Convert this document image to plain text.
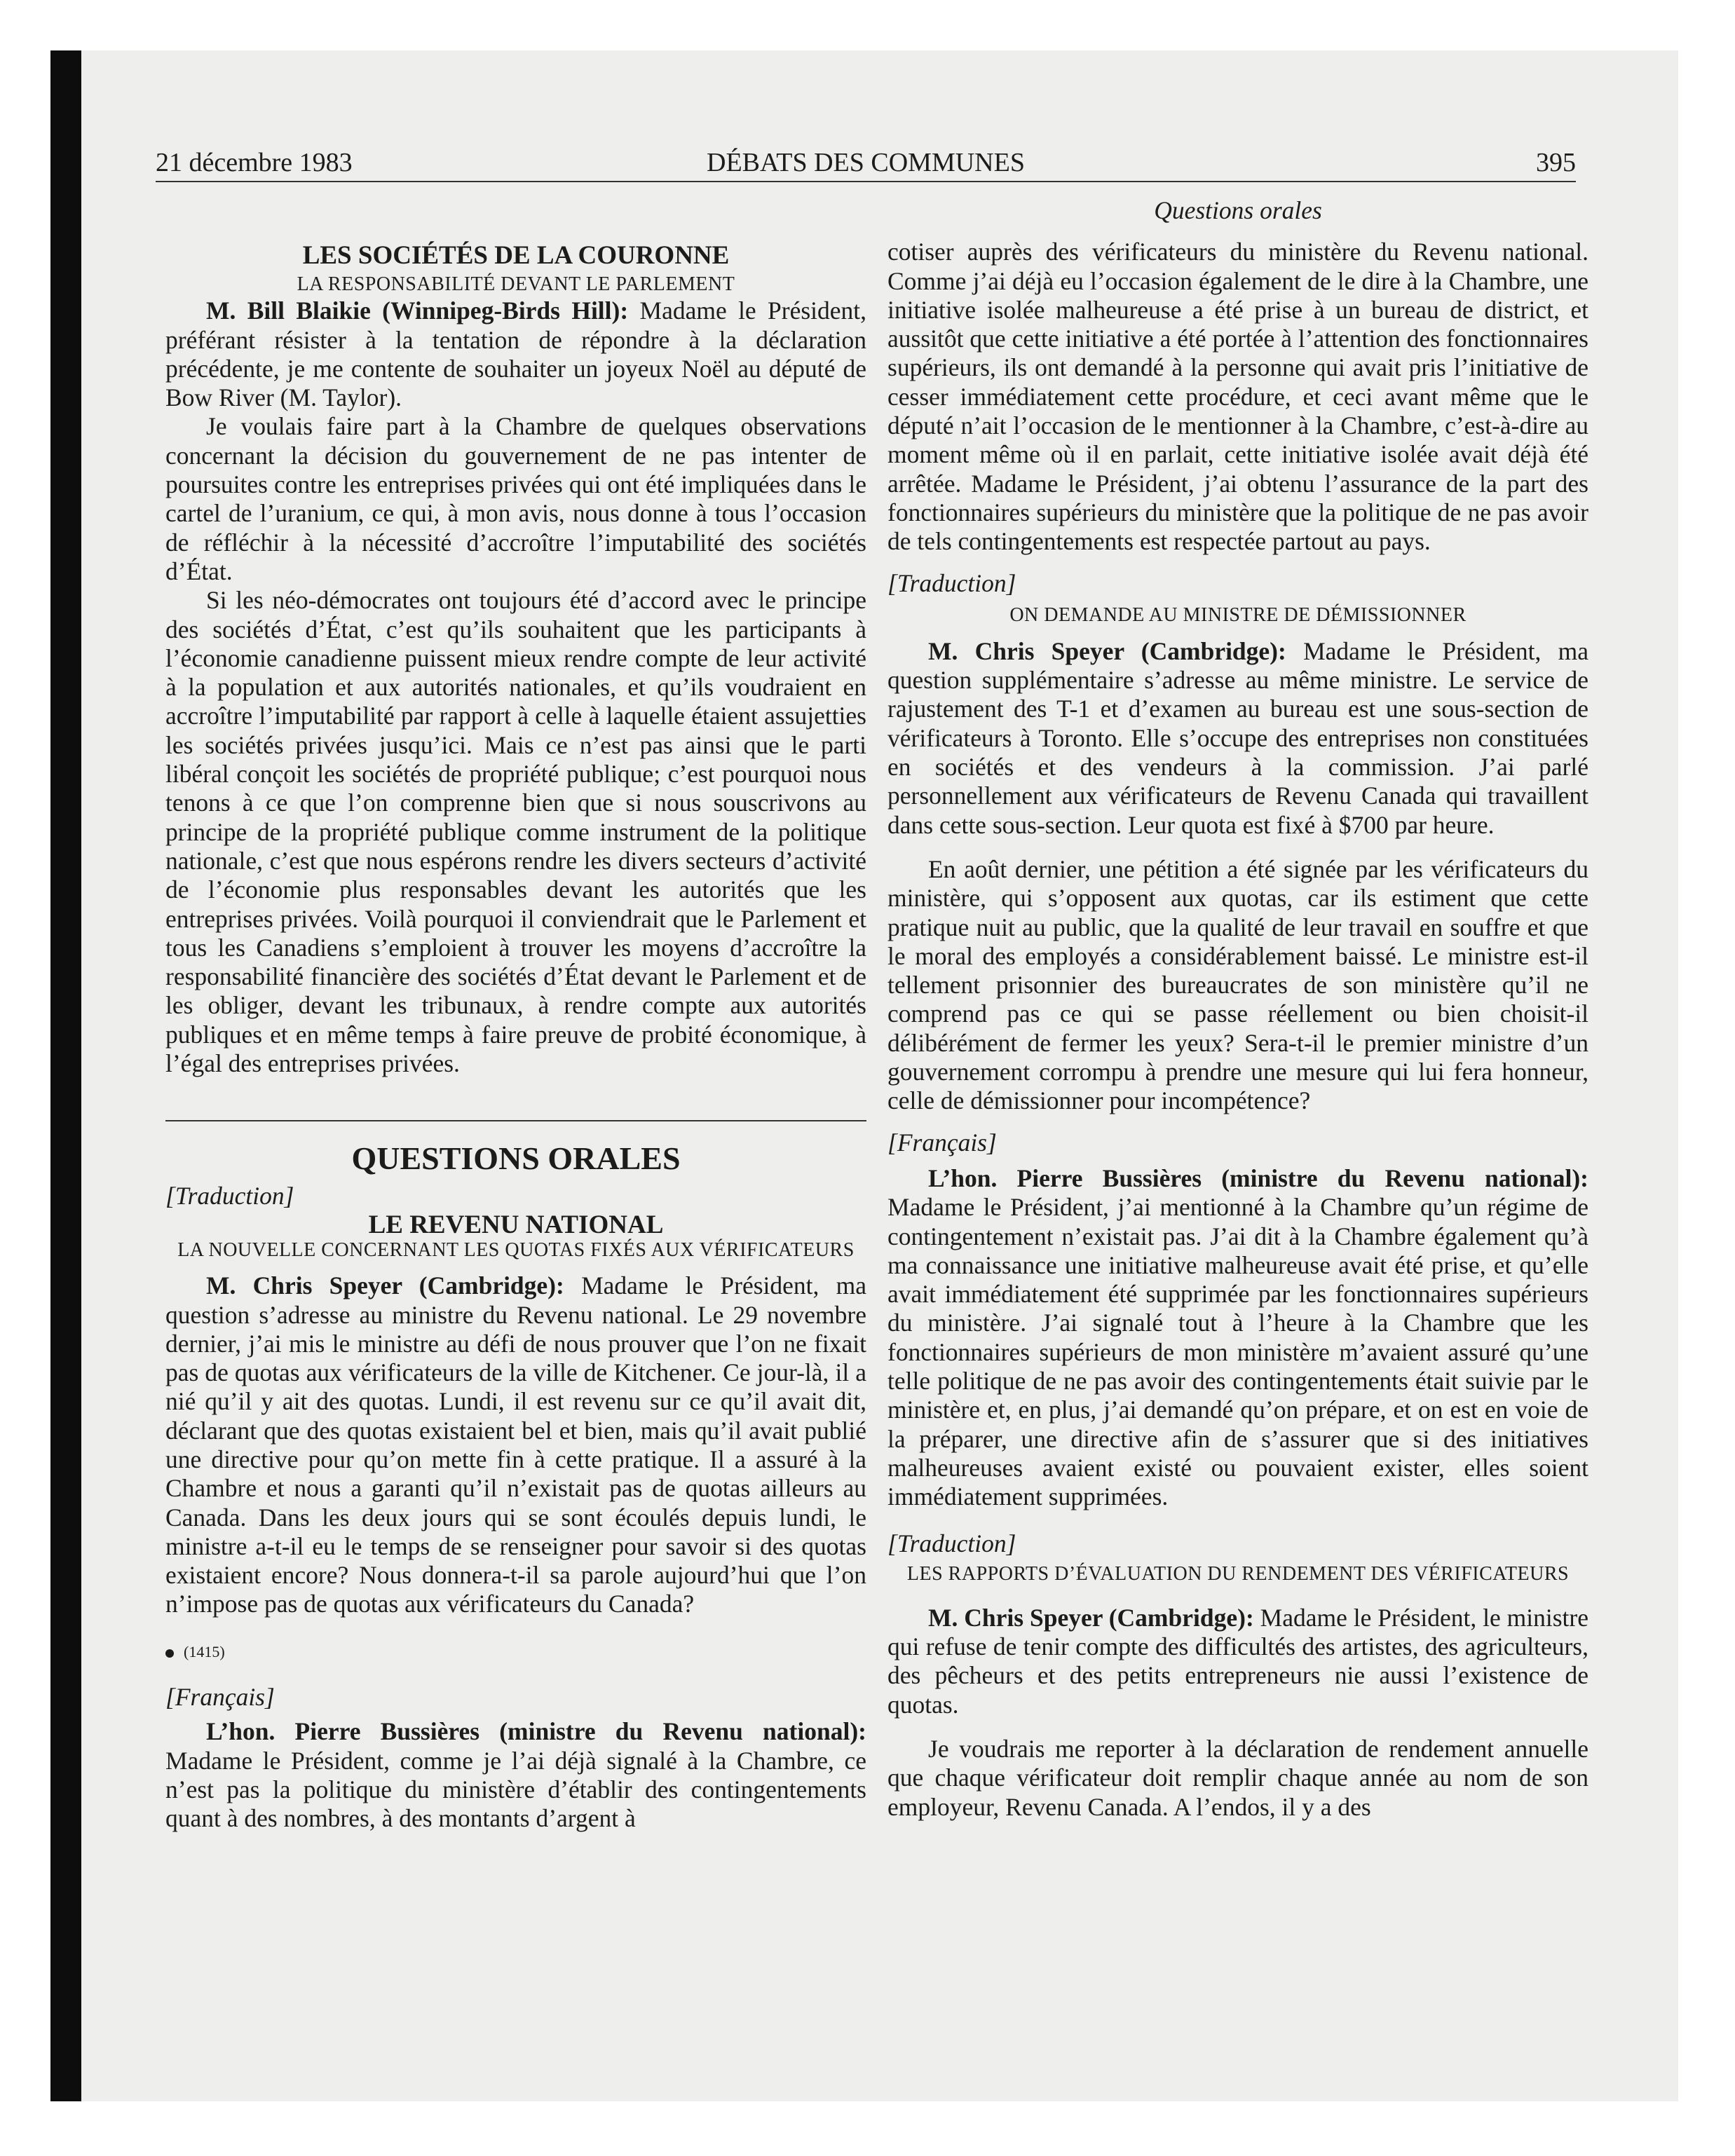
21 décembre 1983	DÉBATS DES COMMUNES	395

LES SOCIÉTÉS DE LA COURONNE

LA RESPONSABILITÉ DEVANT LE PARLEMENT

M. Bill Blaikie (Winnipeg-Birds Hill): Madame le Président, préférant résister à la tentation de répondre à la déclaration précédente, je me contente de souhaiter un joyeux Noël au député de Bow River (M. Taylor).

Je voulais faire part à la Chambre de quelques observations concernant la décision du gouvernement de ne pas intenter de poursuites contre les entreprises privées qui ont été impliquées dans le cartel de l’uranium, ce qui, à mon avis, nous donne à tous l’occasion de réfléchir à la nécessité d’accroître l’imputabilité des sociétés d’État.

Si les néo-démocrates ont toujours été d’accord avec le principe des sociétés d’État, c’est qu’ils souhaitent que les participants à l’économie canadienne puissent mieux rendre compte de leur activité à la population et aux autorités nationales, et qu’ils voudraient en accroître l’imputabilité par rapport à celle à laquelle étaient assujetties les sociétés privées jusqu’ici. Mais ce n’est pas ainsi que le parti libéral conçoit les sociétés de propriété publique; c’est pourquoi nous tenons à ce que l’on comprenne bien que si nous souscrivons au principe de la propriété publique comme instrument de la politique nationale, c’est que nous espérons rendre les divers secteurs d’activité de l’économie plus responsables devant les autorités que les entreprises privées. Voilà pourquoi il conviendrait que le Parlement et tous les Canadiens s’emploient à trouver les moyens d’accroître la responsabilité financière des sociétés d’État devant le Parlement et de les obliger, devant les tribunaux, à rendre compte aux autorités publiques et en même temps à faire preuve de probité économique, à l’égal des entreprises privées.

QUESTIONS ORALES

[Traduction]

LE REVENU NATIONAL

LA NOUVELLE CONCERNANT LES QUOTAS FIXÉS AUX VÉRIFICATEURS

M. Chris Speyer (Cambridge): Madame le Président, ma question s’adresse au ministre du Revenu national. Le 29 novembre dernier, j’ai mis le ministre au défi de nous prouver que l’on ne fixait pas de quotas aux vérificateurs de la ville de Kitchener. Ce jour-là, il a nié qu’il y ait des quotas. Lundi, il est revenu sur ce qu’il avait dit, déclarant que des quotas existaient bel et bien, mais qu’il avait publié une directive pour qu’on mette fin à cette pratique. Il a assuré à la Chambre et nous a garanti qu’il n’existait pas de quotas ailleurs au Canada. Dans les deux jours qui se sont écoulés depuis lundi, le ministre a-t-il eu le temps de se renseigner pour savoir si des quotas existaient encore? Nous donnera-t-il sa parole aujourd’hui que l’on n’impose pas de quotas aux vérificateurs du Canada?

(1415)

[Français]

L’hon. Pierre Bussières (ministre du Revenu national): Madame le Président, comme je l’ai déjà signalé à la Chambre, ce n’est pas la politique du ministère d’établir des contingentements quant à des nombres, à des montants d’argent à

Questions orales

cotiser auprès des vérificateurs du ministère du Revenu national. Comme j’ai déjà eu l’occasion également de le dire à la Chambre, une initiative isolée malheureuse a été prise à un bureau de district, et aussitôt que cette initiative a été portée à l’attention des fonctionnaires supérieurs, ils ont demandé à la personne qui avait pris l’initiative de cesser immédiatement cette procédure, et ceci avant même que le député n’ait l’occasion de le mentionner à la Chambre, c’est-à-dire au moment même où il en parlait, cette initiative isolée avait déjà été arrêtée. Madame le Président, j’ai obtenu l’assurance de la part des fonctionnaires supérieurs du ministère que la politique de ne pas avoir de tels contingentements est respectée partout au pays.

[Traduction]

ON DEMANDE AU MINISTRE DE DÉMISSIONNER

M. Chris Speyer (Cambridge): Madame le Président, ma question supplémentaire s’adresse au même ministre. Le service de rajustement des T-1 et d’examen au bureau est une sous-section de vérificateurs à Toronto. Elle s’occupe des entreprises non constituées en sociétés et des vendeurs à la commission. J’ai parlé personnellement aux vérificateurs de Revenu Canada qui travaillent dans cette sous-section. Leur quota est fixé à $700 par heure.

En août dernier, une pétition a été signée par les vérificateurs du ministère, qui s’opposent aux quotas, car ils estiment que cette pratique nuit au public, que la qualité de leur travail en souffre et que le moral des employés a considérablement baissé. Le ministre est-il tellement prisonnier des bureaucrates de son ministère qu’il ne comprend pas ce qui se passe réellement ou bien choisit-il délibérément de fermer les yeux? Sera-t-il le premier ministre d’un gouvernement corrompu à prendre une mesure qui lui fera honneur, celle de démissionner pour incompétence?

[Français]

L’hon. Pierre Bussières (ministre du Revenu national): Madame le Président, j’ai mentionné à la Chambre qu’un régime de contingentement n’existait pas. J’ai dit à la Chambre également qu’à ma connaissance une initiative malheureuse avait été prise, et qu’elle avait immédiatement été supprimée par les fonctionnaires supérieurs du ministère. J’ai signalé tout à l’heure à la Chambre que les fonctionnaires supérieurs de mon ministère m’avaient assuré qu’une telle politique de ne pas avoir des contingentements était suivie par le ministère et, en plus, j’ai demandé qu’on prépare, et on est en voie de la préparer, une directive afin de s’assurer que si des initiatives malheureuses avaient existé ou pouvaient exister, elles soient immédiatement supprimées.

[Traduction]

LES RAPPORTS D’ÉVALUATION DU RENDEMENT DES VÉRIFICATEURS

M. Chris Speyer (Cambridge): Madame le Président, le ministre qui refuse de tenir compte des difficultés des artistes, des agriculteurs, des pêcheurs et des petits entrepreneurs nie aussi l’existence de quotas.

Je voudrais me reporter à la déclaration de rendement annuelle que chaque vérificateur doit remplir chaque année au nom de son employeur, Revenu Canada. A l’endos, il y a des
